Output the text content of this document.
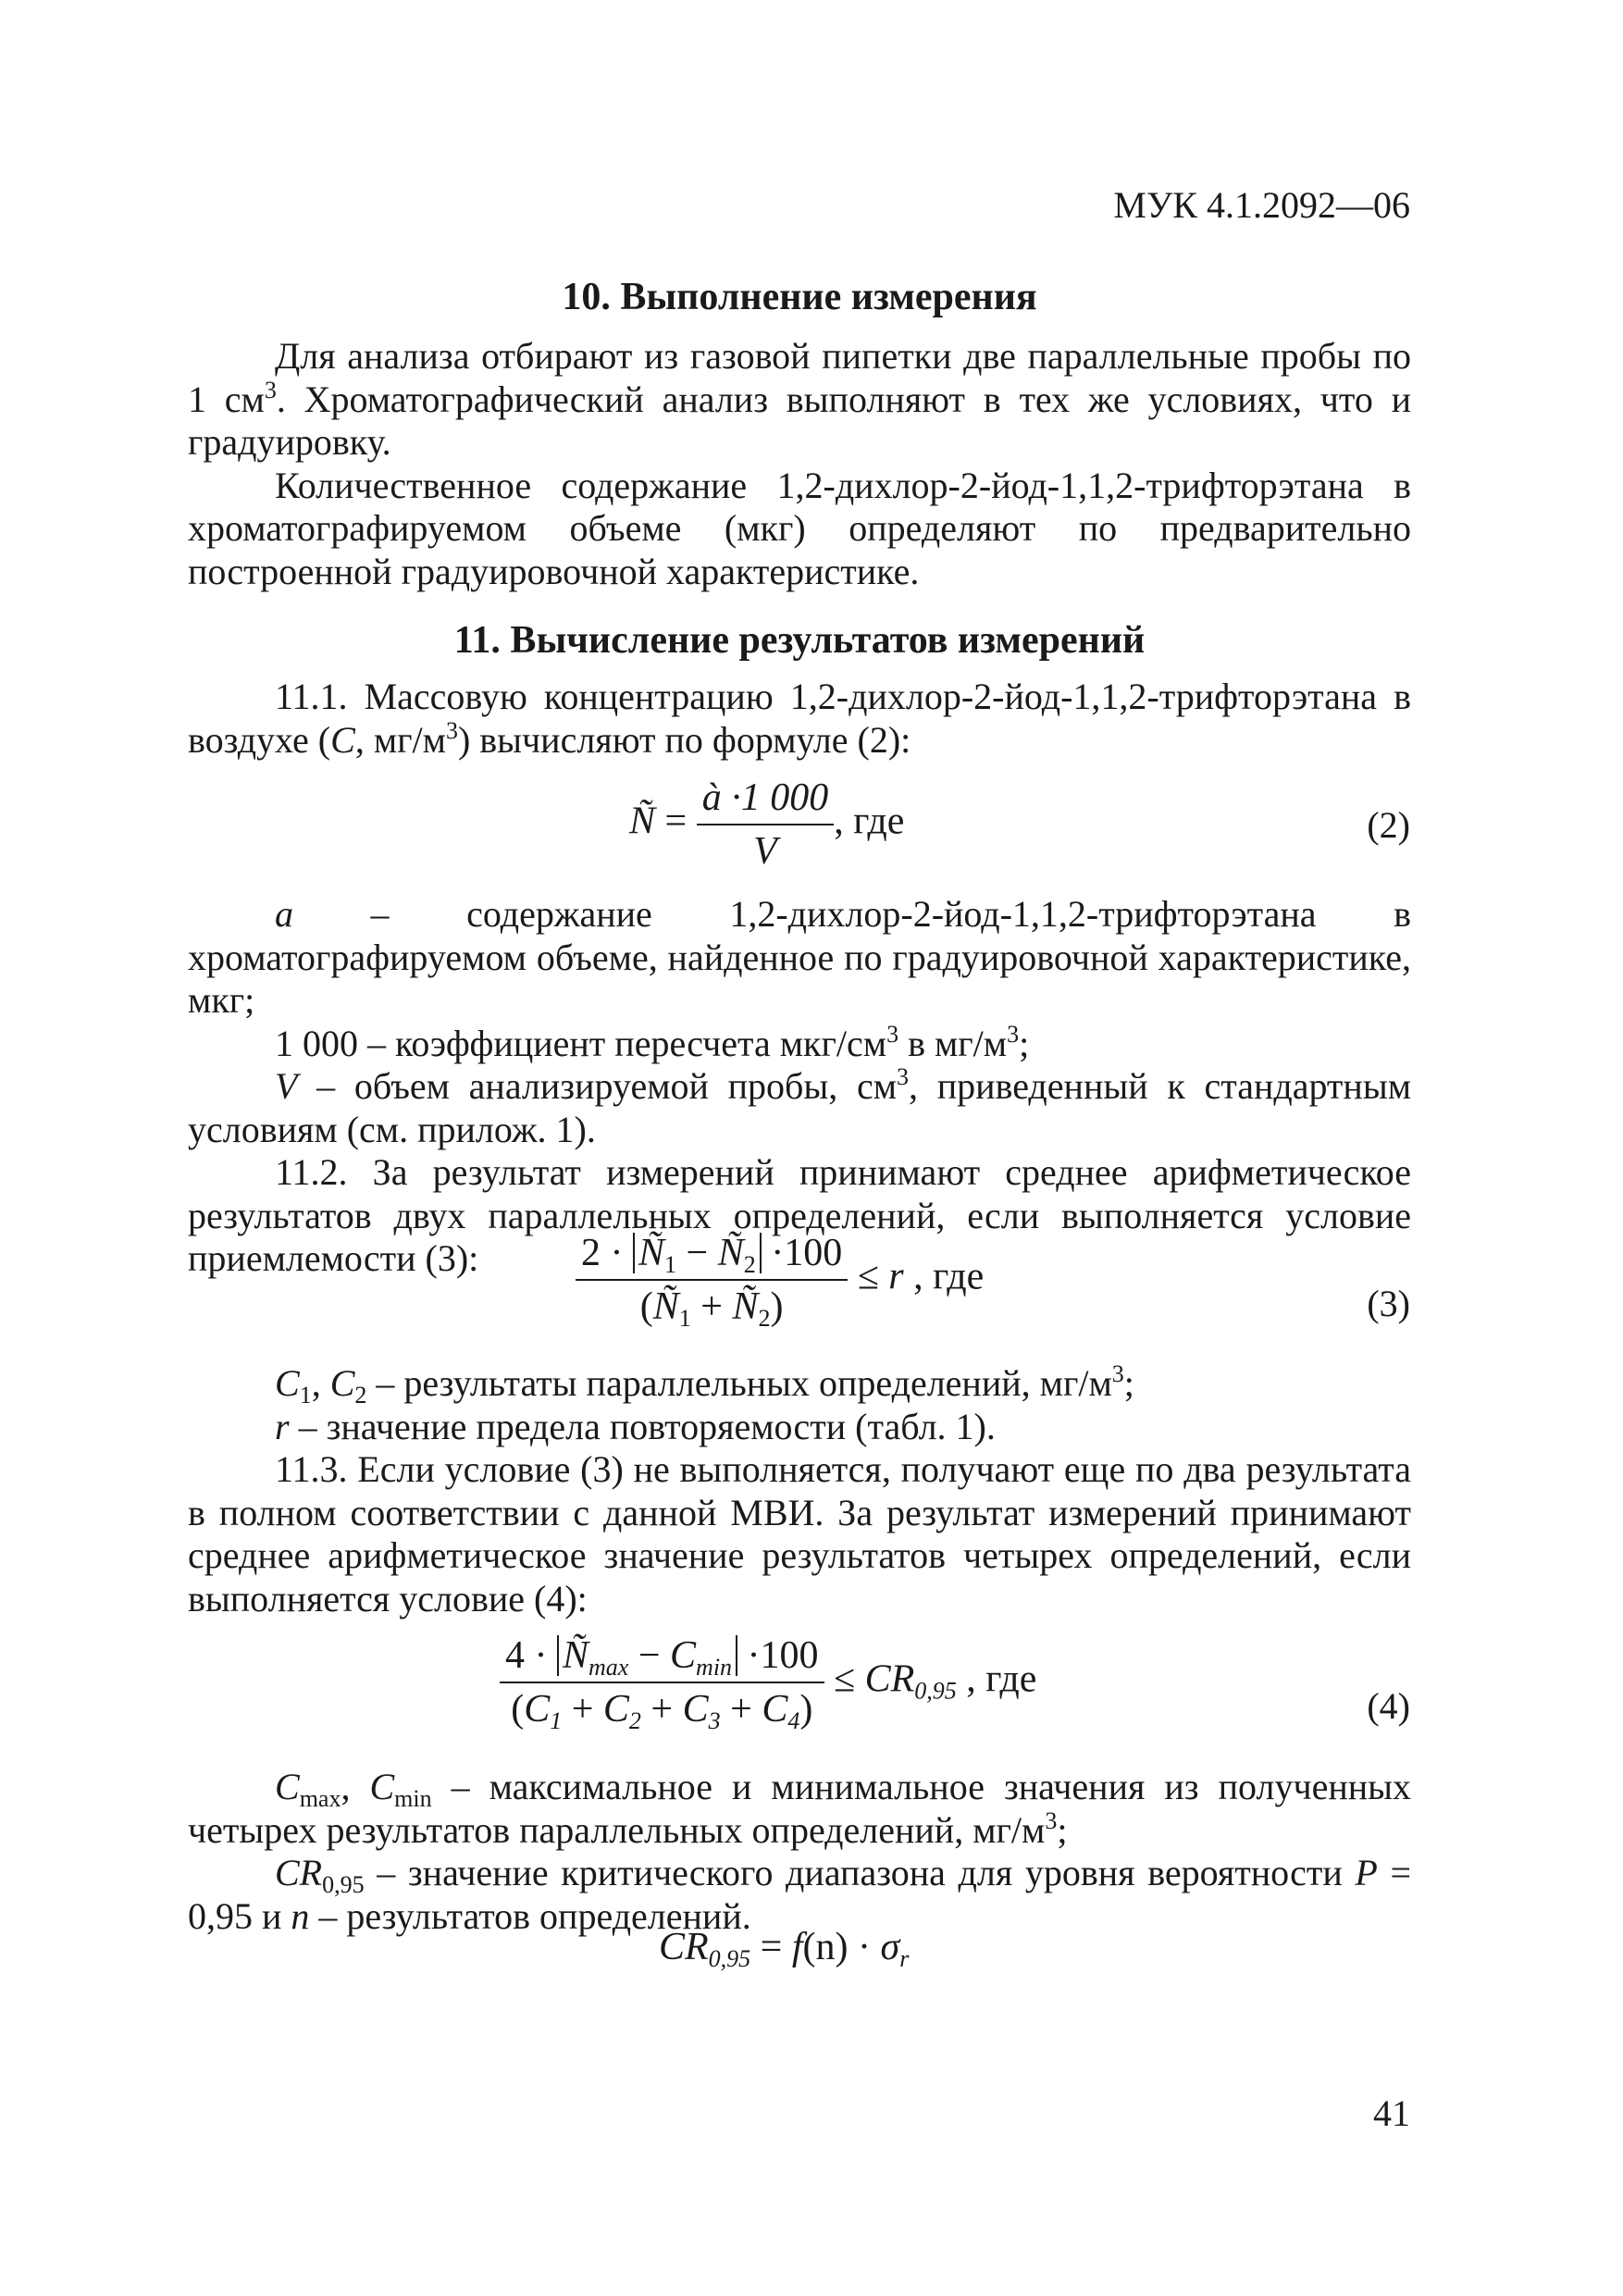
МУК 4.1.2092—06
10. Выполнение измерения

Для анализа отбирают из газовой пипетки две параллельные пробы по 1 $см^3$. Хроматографический анализ выполняют в тех же условиях, что и градуировку.

Количественное содержание 1,2-дихлор-2-йод-1,1,2-трифторэтана в хроматографируемом объеме (мкг) определяют по предварительно построенной градуировочной характеристике.

11. Вычисление результатов измерений

11.1. Массовую концентрацию 1,2-дихлор-2-йод-1,1,2-трифторэтана в воздухе (С, $мг/м^3$) вычисляют по формуле (2):

Ñ = $\frac{à \cdot 1 000}{V}$ , где	(2)

a – содержание 1,2-дихлор-2-йод-1,1,2-трифторэтана в хроматографируемом объеме, найденное по градуировочной характеристике, мкг;

1 000 – коэффициент пересчета мкг/$см^3$ в $мг/м^3$;

V – объем анализируемой пробы, $см^3$, приведенный к стандартным условиям (см. прилож. 1).

11.2. За результат измерений принимают среднее арифметическое результатов двух параллельных определений, если выполняется условие приемлемости (3):	$\frac{2 \cdot Ñ_1 - Ñ_2 \cdot 100}{(Ñ_1 + Ñ_2)} \le r$ , где
(3)

$C_1$, $C_2$ – результаты параллельных определений, $мг/м^3$;

r – значение предела повторяемости (табл. 1).

11.3. Если условие (3) не выполняется, получают еще по два результата в полном соответствии с данной МВИ. За результат измерений принимают среднее арифметическое значение результатов четырех определений, если выполняется условие (4):

$\frac{4 \cdot Ñ_{max} - C_{min} \cdot 100}{(C_1 + C_2 + C_3 + C_4)} \le CR_{0,95}$ , где
(4)

$C_{max}$, $C_{min}$ – максимальное и минимальное значения из полученных четырех результатов параллельных определений, $мг/м^3$;

$CR_{0,95}$ – значение критического диапазона для уровня вероятности P = 0,95 и n – результатов определений.

$CR_{0,95} = f(n) \cdot \sigma_r$
41
